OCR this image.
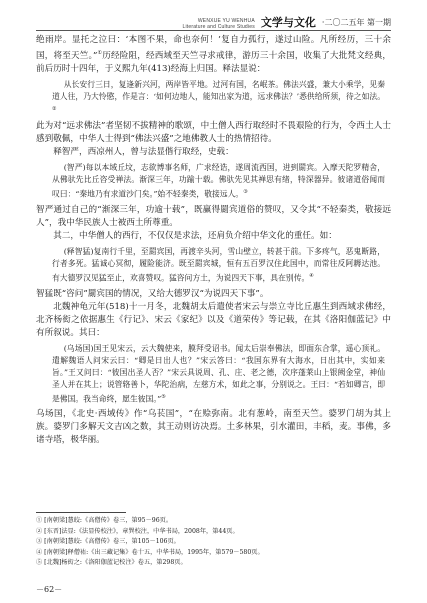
WENXUE YU WENHUA
Literature and Culture Studies 文学与文化 ·二〇二五年 第一期

绝雨岸。显托之泣曰：‘本图不果，命也奈何！’复自力孤行，遂过山险。凡所经历，三十余国，将至天竺。”①历经险阻，经西域至天竺寻求戒律，游历三十余国，收集了大批梵文经典，前后历时十四年，于义熙九年(413)经海上归国。释法显说：

从长安行三日，复逢新兴河，两岸皆平地。过河有国，名岷茶。佛法兴盛，兼大小乘学，见秦道人往，乃大怜愍，作是言：‘如何边地人，能知出家为道，远求佛法？’悉供给所须，待之如法。②

此为对“远求佛法”者坚韧不拔精神的歌颂，中土僧人西行取经时不畏艰险的行为，令西土人士感到敬佩，中华人士得到“佛法兴盛”之地佛教人士的热情招待。

释智严，西凉州人，曾与法显偕行取经，史载：

(智严)每以本域丘坟，志欲博事名师，广求经诰，遂周流西国，进到罽宾。入摩天陀罗精舍，从佛驮先比丘咨受禅法。渐深三年，功踰十载。佛驮先见其禅思有绪，特深器异。彼诸道俗闻而叹曰：“秦地乃有求道沙门矣。”始不轻秦类，敬接远人。③

智严通过自己的“渐深三年，功逾十载”，既赢得罽宾道俗的赞叹，又令其“不轻秦类，敬接远人”，我中华民族人士被西土所尊重。

其二，中华僧人的西行，不仅仅是求法，还肩负介绍中华文化的重任。如：

(释智猛)复南行千里，至罽宾国，再渡辛头河，雪山壁立，转甚于前。下多疼气，恶鬼断路，行者多死。猛诚心冥彻，履险能济。既至罽宾城，恒有五百罗汉住此国中，而常往反阿耨达池。有大德罗汉见猛至止，欢喜赞叹。猛咨问方土，为说四天下事，具在别传。④

智猛既“咨问”罽宾国的情况，又给大德罗汉“为说四天下事”。

北魏神龟元年(518)十一月冬，北魏胡太后遣使者宋云与崇立寺比丘惠生到西域求佛经，北齐杨衒之依据惠生《行记》、宋云《家纪》以及《道荣传》等记载，在其《洛阳伽蓝记》中有所叙说。其曰：

(乌场国)国王见宋云，云大魏使来，膜拜受诏书。闻太后崇奉佛法，即面东合掌，遥心顶礼。遣解魏语人问宋云曰：“卿是日出人也？”宋云答曰：“我国东界有大海水，日出其中，实如来旨。”王又问曰：“彼国出圣人否？”宋云具说周、孔、庄、老之德，次序蓬莱山上银阙金堂，神仙圣人并在其上；说管辂善卜，华陀治病，左慈方术，如此之事，分别说之。王曰：“若如卿言，即是佛国。我当命终，愿生彼国。”⑤

乌场国，《北史·西域传》作“乌苌国”，“在赊弥南。北有葱岭，南至天竺。婆罗门胡为其上族。婆罗门多解天文吉凶之数，其王动则访决焉。土多林果，引水灌田，丰稻，麦。事佛，多诸寺塔，极华丽。

① [南朝梁]慧皎:《高僧传》卷三，第95－96页。
② [东晋]法显:《法显传校注》，章巽校注，中华书局，2008年，第44页。
③ [南朝梁]慧皎:《高僧传》卷三，第105－106页。
④ [南朝梁]释僧祐:《出三藏记集》卷十五，中华书局，1995年，第579－580页。
⑤ [北魏]杨衒之:《洛阳伽蓝记校注》卷五，第298页。
－62－
